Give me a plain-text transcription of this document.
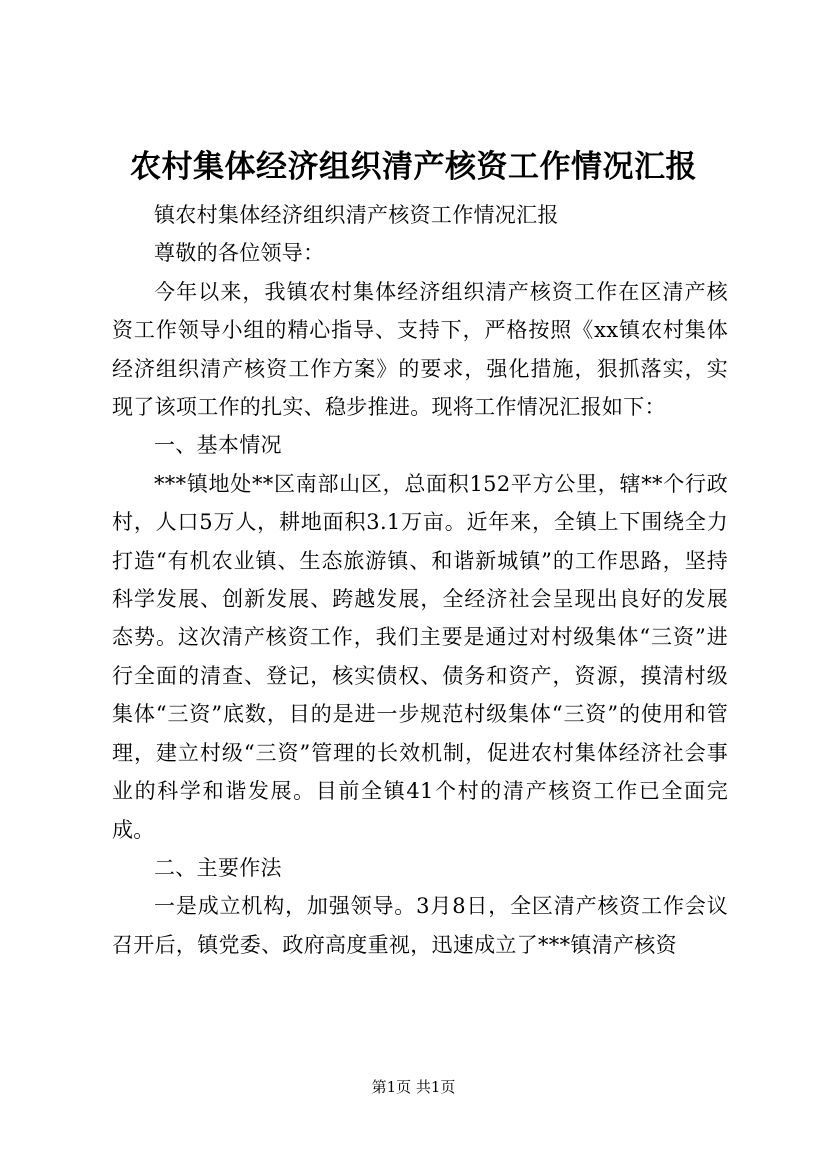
农村集体经济组织清产核资工作情况汇报

镇农村集体经济组织清产核资工作情况汇报

尊敬的各位领导：

今年以来，我镇农村集体经济组织清产核资工作在区清产核资工作领导小组的精心指导、支持下，严格按照《xx镇农村集体经济组织清产核资工作方案》的要求，强化措施，狠抓落实，实现了该项工作的扎实、稳步推进。现将工作情况汇报如下：

一、基本情况

***镇地处**区南部山区，总面积152平方公里，辖**个行政村，人口5万人，耕地面积3.1万亩。近年来，全镇上下围绕全力打造“有机农业镇、生态旅游镇、和谐新城镇”的工作思路，坚持科学发展、创新发展、跨越发展，全经济社会呈现出良好的发展态势。这次清产核资工作，我们主要是通过对村级集体“三资”进行全面的清查、登记，核实债权、债务和资产，资源，摸清村级集体“三资”底数，目的是进一步规范村级集体“三资”的使用和管理，建立村级“三资”管理的长效机制，促进农村集体经济社会事业的科学和谐发展。目前全镇41个村的清产核资工作已全面完成。

二、主要作法

一是成立机构，加强领导。3月8日，全区清产核资工作会议召开后，镇党委、政府高度重视，迅速成立了***镇清产核资

第1页 共1页
